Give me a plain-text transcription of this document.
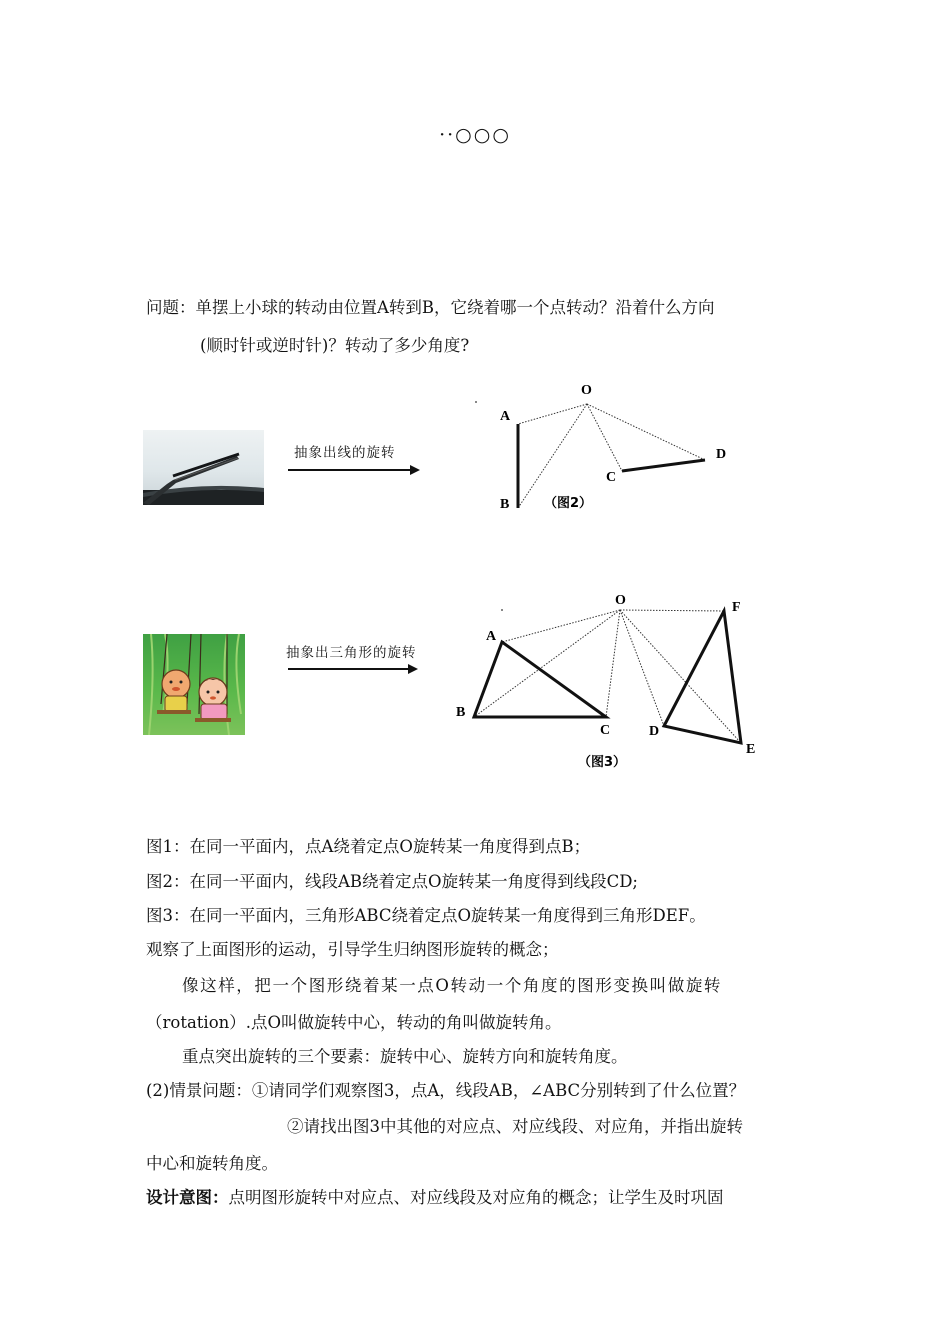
··○○○
问题：单摆上小球的转动由位置A转到B，它绕着哪一个点转动？沿着什么方向
(顺时针或逆时针)？转动了多少角度?
抽象出线的旋转
O
A
B
C
D
（图2）
抽象出三角形的旋转
O
A
B
C	D
E
F
（图3）
图1：在同一平面内，点A绕着定点O旋转某一角度得到点B；
图2：在同一平面内，线段AB绕着定点O旋转某一角度得到线段CD;
图3：在同一平面内，三角形ABC绕着定点O旋转某一角度得到三角形DEF。
观察了上面图形的运动，引导学生归纳图形旋转的概念；
像这样，把一个图形绕着某一点O转动一个角度的图形变换叫做旋转
（rotation）.点O叫做旋转中心，转动的角叫做旋转角。
重点突出旋转的三个要素：旋转中心、旋转方向和旋转角度。
(2)情景问题：①请同学们观察图3，点A，线段AB，∠ABC分别转到了什么位置？
②请找出图3中其他的对应点、对应线段、对应角，并指出旋转
中心和旋转角度。
设计意图：点明图形旋转中对应点、对应线段及对应角的概念；让学生及时巩固
